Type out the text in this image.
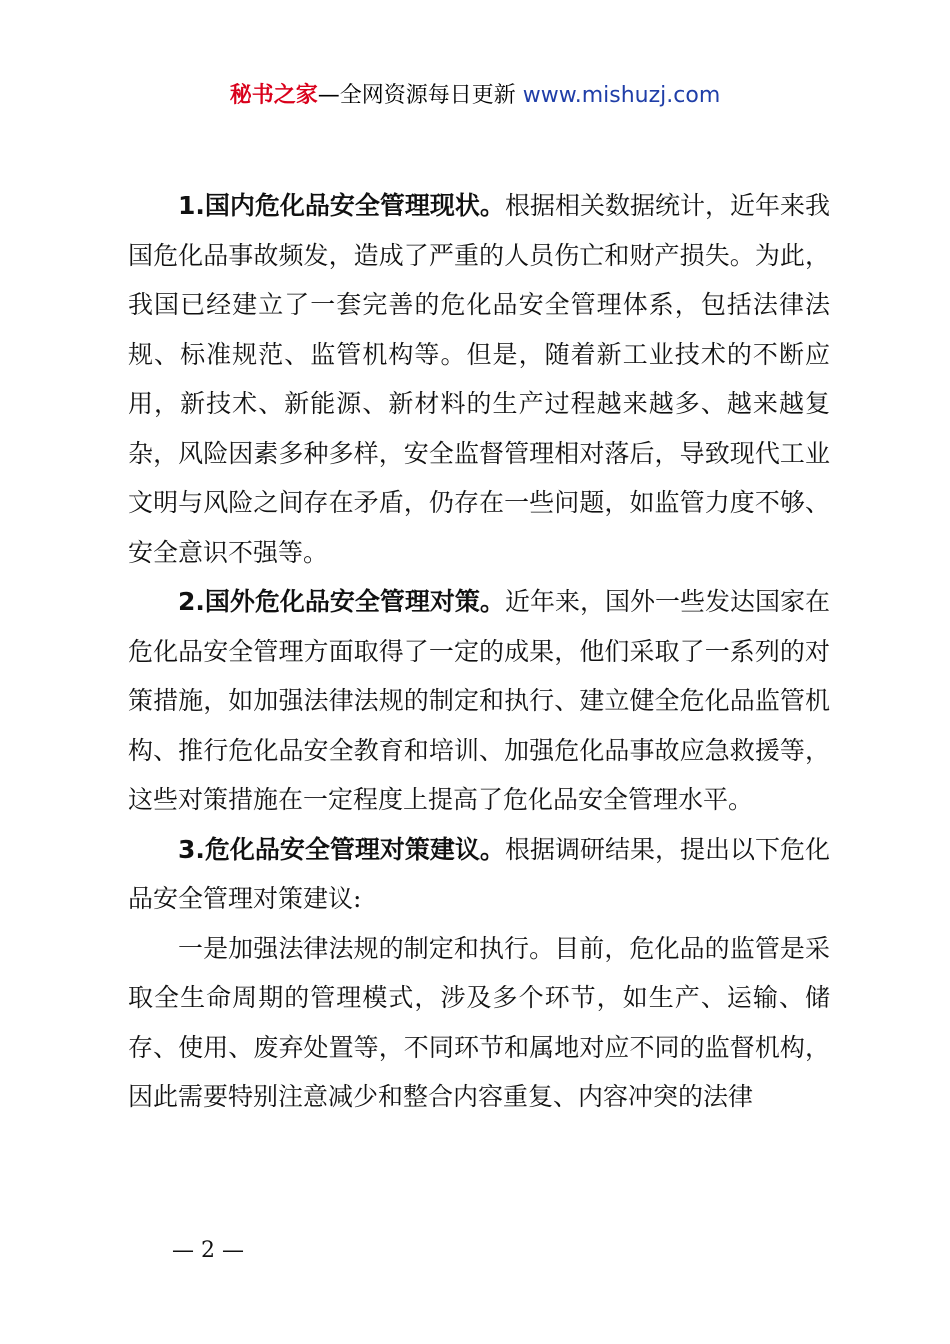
秘书之家—全网资源每日更新 www.mishuzj.com

1.国内危化品安全管理现状。根据相关数据统计，近年来我国危化品事故频发，造成了严重的人员伤亡和财产损失。为此，我国已经建立了一套完善的危化品安全管理体系，包括法律法规、标准规范、监管机构等。但是，随着新工业技术的不断应用，新技术、新能源、新材料的生产过程越来越多、越来越复杂，风险因素多种多样，安全监督管理相对落后，导致现代工业文明与风险之间存在矛盾，仍存在一些问题，如监管力度不够、安全意识不强等。

2.国外危化品安全管理对策。近年来，国外一些发达国家在危化品安全管理方面取得了一定的成果，他们采取了一系列的对策措施，如加强法律法规的制定和执行、建立健全危化品监管机构、推行危化品安全教育和培训、加强危化品事故应急救援等，这些对策措施在一定程度上提高了危化品安全管理水平。

3.危化品安全管理对策建议。根据调研结果，提出以下危化品安全管理对策建议:

一是加强法律法规的制定和执行。目前，危化品的监管是采取全生命周期的管理模式，涉及多个环节，如生产、运输、储存、使用、废弃处置等，不同环节和属地对应不同的监督机构，因此需要特别注意减少和整合内容重复、内容冲突的法律

— 2 —
